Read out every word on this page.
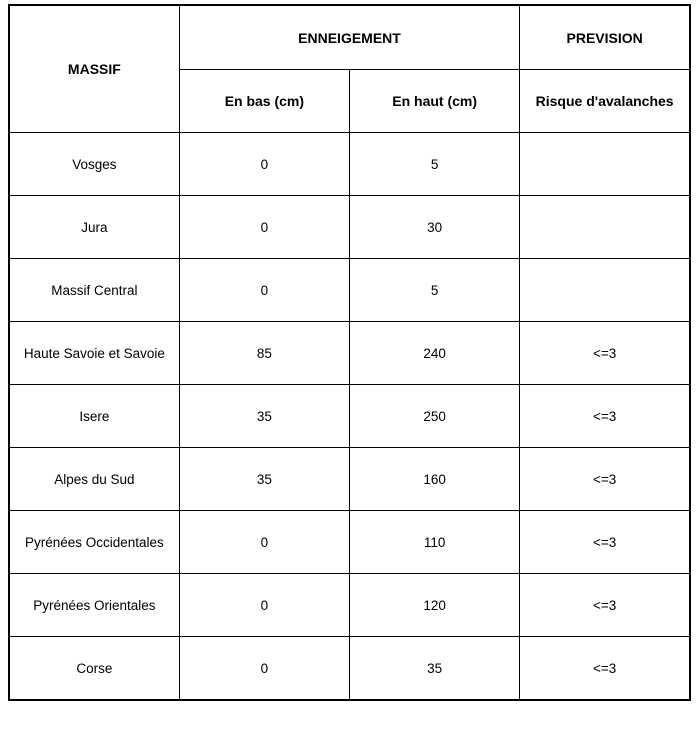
MASSIF	ENNEIGEMENT		PREVISION
	En bas (cm)	En haut (cm)	Risque d'avalanches
Vosges	0	5	
Jura	0	30	
Massif Central	0	5	
Haute Savoie et Savoie	85	240	<=3
Isere	35	250	<=3
Alpes du Sud	35	160	<=3
Pyrénées Occidentales	0	110	<=3
Pyrénées Orientales	0	120	<=3
Corse	0	35	<=3
